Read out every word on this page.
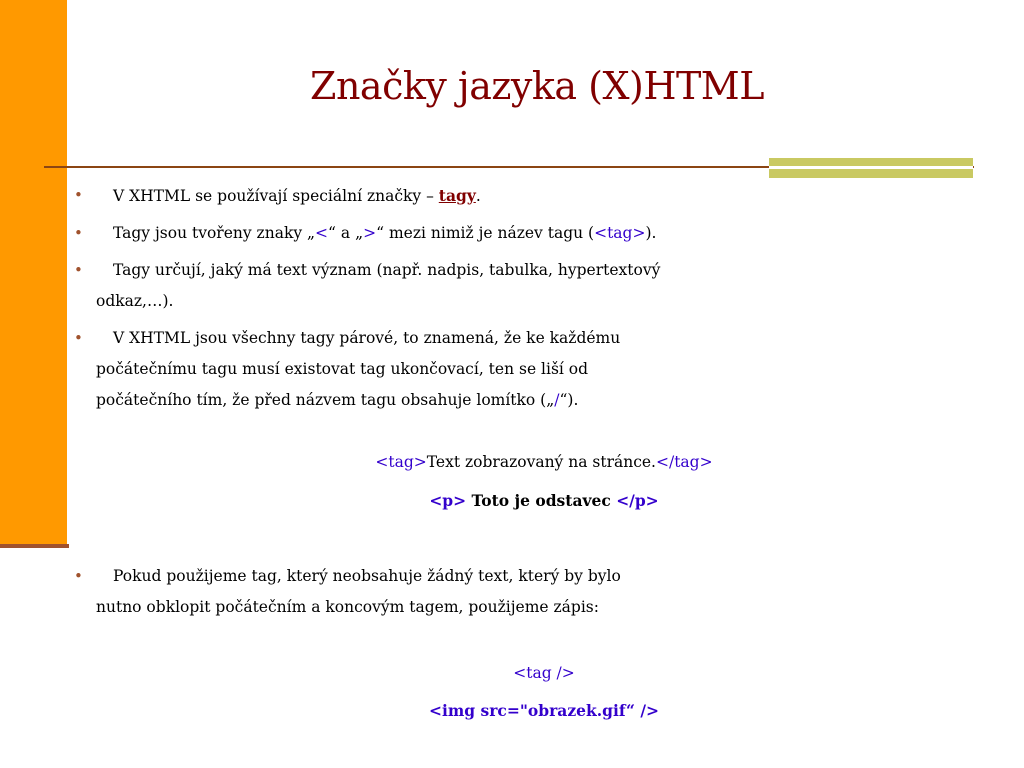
Značky jazyka (X)HTML

• V XHTML se používají speciální značky – tagy.

• Tagy jsou tvořeny znaky „<“ a „>“ mezi nimiž je název tagu (<tag>).

• Tagy určují, jaký má text význam (např. nadpis, tabulka, hypertextový
odkaz,…).

• V XHTML jsou všechny tagy párové, to znamená, že ke každému
počátečnímu tagu musí existovat tag ukončovací, ten se liší od
počátečního tím, že před názvem tagu obsahuje lomítko („/“).

<tag>Text zobrazovaný na stránce.</tag>
<p> Toto je odstavec </p>

• Pokud použijeme tag, který neobsahuje žádný text, který by bylo
nutno obklopit počátečním a koncovým tagem, použijeme zápis:

<tag />
<img src="obrazek.gif“ />
